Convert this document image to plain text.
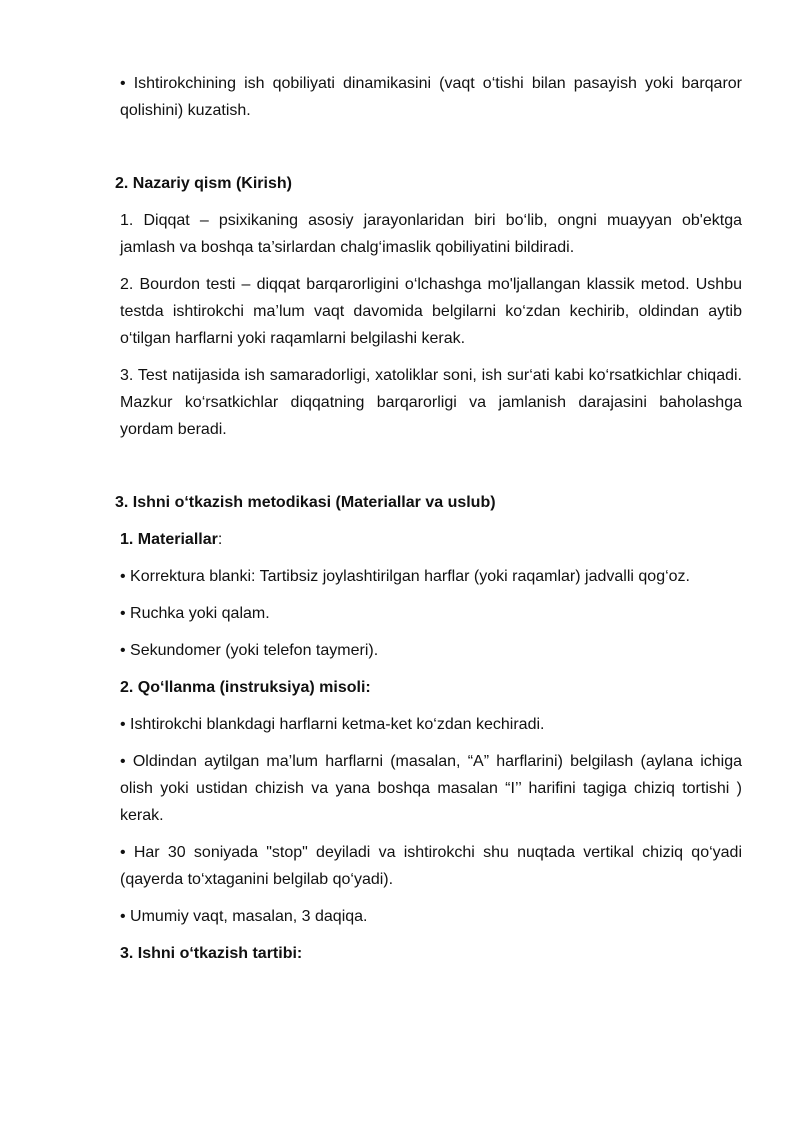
• Ishtirokchining ish qobiliyati dinamikasini (vaqt o‘tishi bilan pasayish yoki barqaror qolishini) kuzatish.

2. Nazariy qism (Kirish)

1. Diqqat – psixikaning asosiy jarayonlaridan biri bo‘lib, ongni muayyan ob'ektga jamlash va boshqa ta’sirlardan chalg‘imaslik qobiliyatini bildiradi.

2. Bourdon testi – diqqat barqarorligini o‘lchashga mo'ljallangan klassik metod. Ushbu testda ishtirokchi ma’lum vaqt davomida belgilarni ko‘zdan kechirib, oldindan aytib o‘tilgan harflarni yoki raqamlarni belgilashi kerak.

3. Test natijasida ish samaradorligi, xatoliklar soni, ish sur‘ati kabi ko‘rsatkichlar chiqadi. Mazkur ko‘rsatkichlar diqqatning barqarorligi va jamlanish darajasini baholashga yordam beradi.

3. Ishni o‘tkazish metodikasi (Materiallar va uslub)

1. Materiallar:

• Korrektura blanki: Tartibsiz joylashtirilgan harflar (yoki raqamlar) jadvalli qog‘oz.

• Ruchka yoki qalam.

• Sekundomer (yoki telefon taymeri).

2. Qo‘llanma (instruksiya) misoli:

• Ishtirokchi blankdagi harflarni ketma-ket ko‘zdan kechiradi.

• Oldindan aytilgan ma’lum harflarni (masalan, “A” harflarini) belgilash (aylana ichiga olish yoki ustidan chizish va yana boshqa masalan “I’’ harifini tagiga chiziq tortishi ) kerak.

• Har 30 soniyada "stop" deyiladi va ishtirokchi shu nuqtada vertikal chiziq qo‘yadi (qayerda to‘xtaganini belgilab qo‘yadi).

• Umumiy vaqt, masalan, 3 daqiqa.

3. Ishni o‘tkazish tartibi:
